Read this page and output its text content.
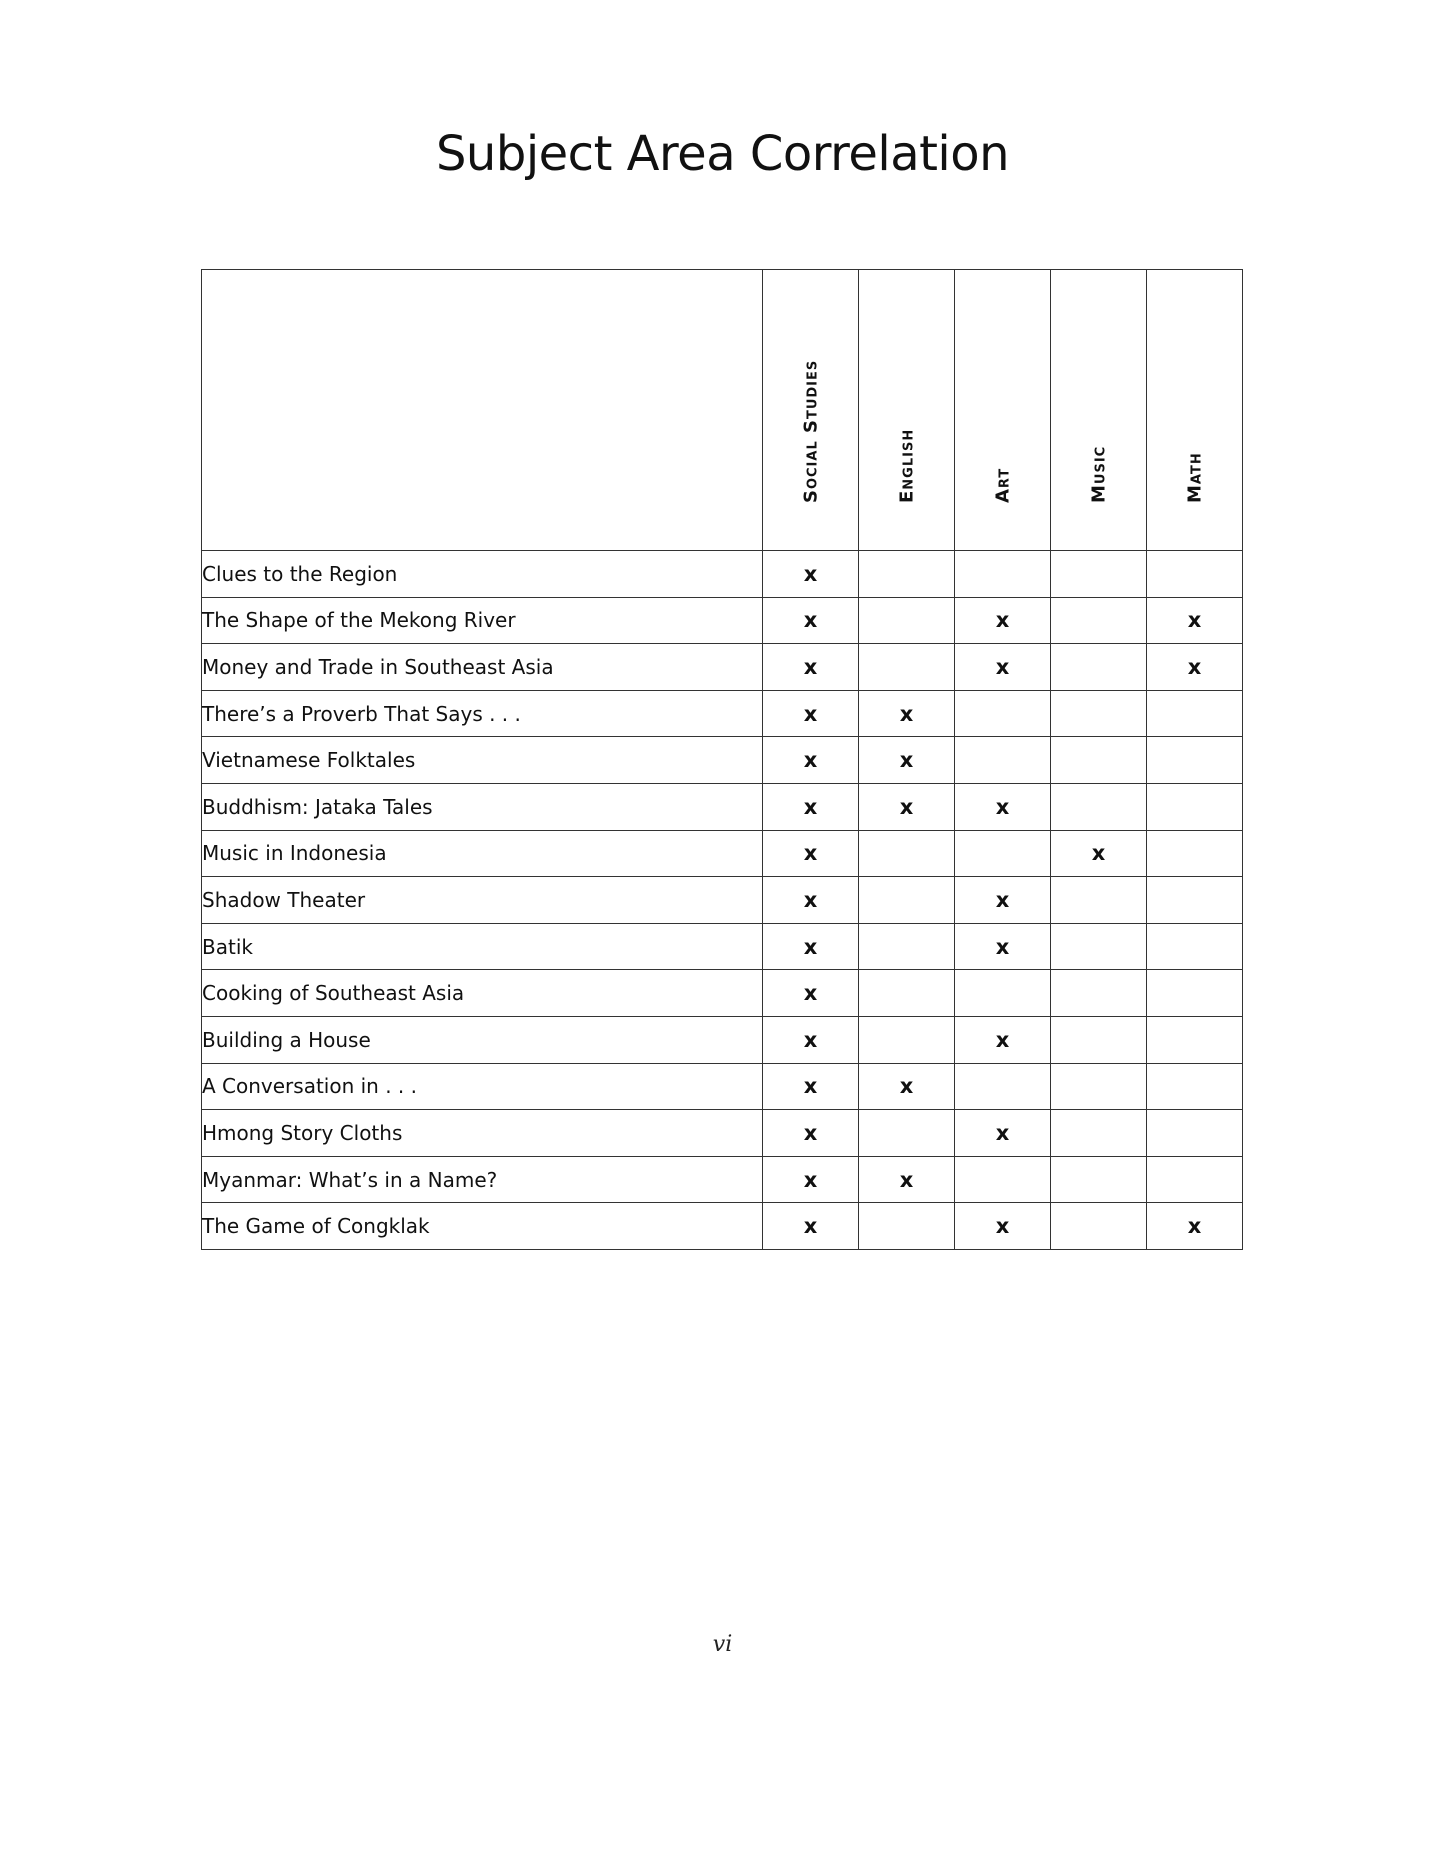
Subject Area Correlation

	Social Studies	English	Art	Music	Math

Clues to the Region	x				
The Shape of the Mekong River	x		x		x
Money and Trade in Southeast Asia	x		x		x
There’s a Proverb That Says . . .	x	x			
Vietnamese Folktales	x	x			
Buddhism: Jataka Tales	x	x	x		
Music in Indonesia	x			x	
Shadow Theater	x		x		
Batik	x		x		
Cooking of Southeast Asia	x				
Building a House	x		x		
A Conversation in . . .	x	x			
Hmong Story Cloths	x		x		
Myanmar: What’s in a Name?	x	x			
The Game of Congklak	x		x		x
vi
